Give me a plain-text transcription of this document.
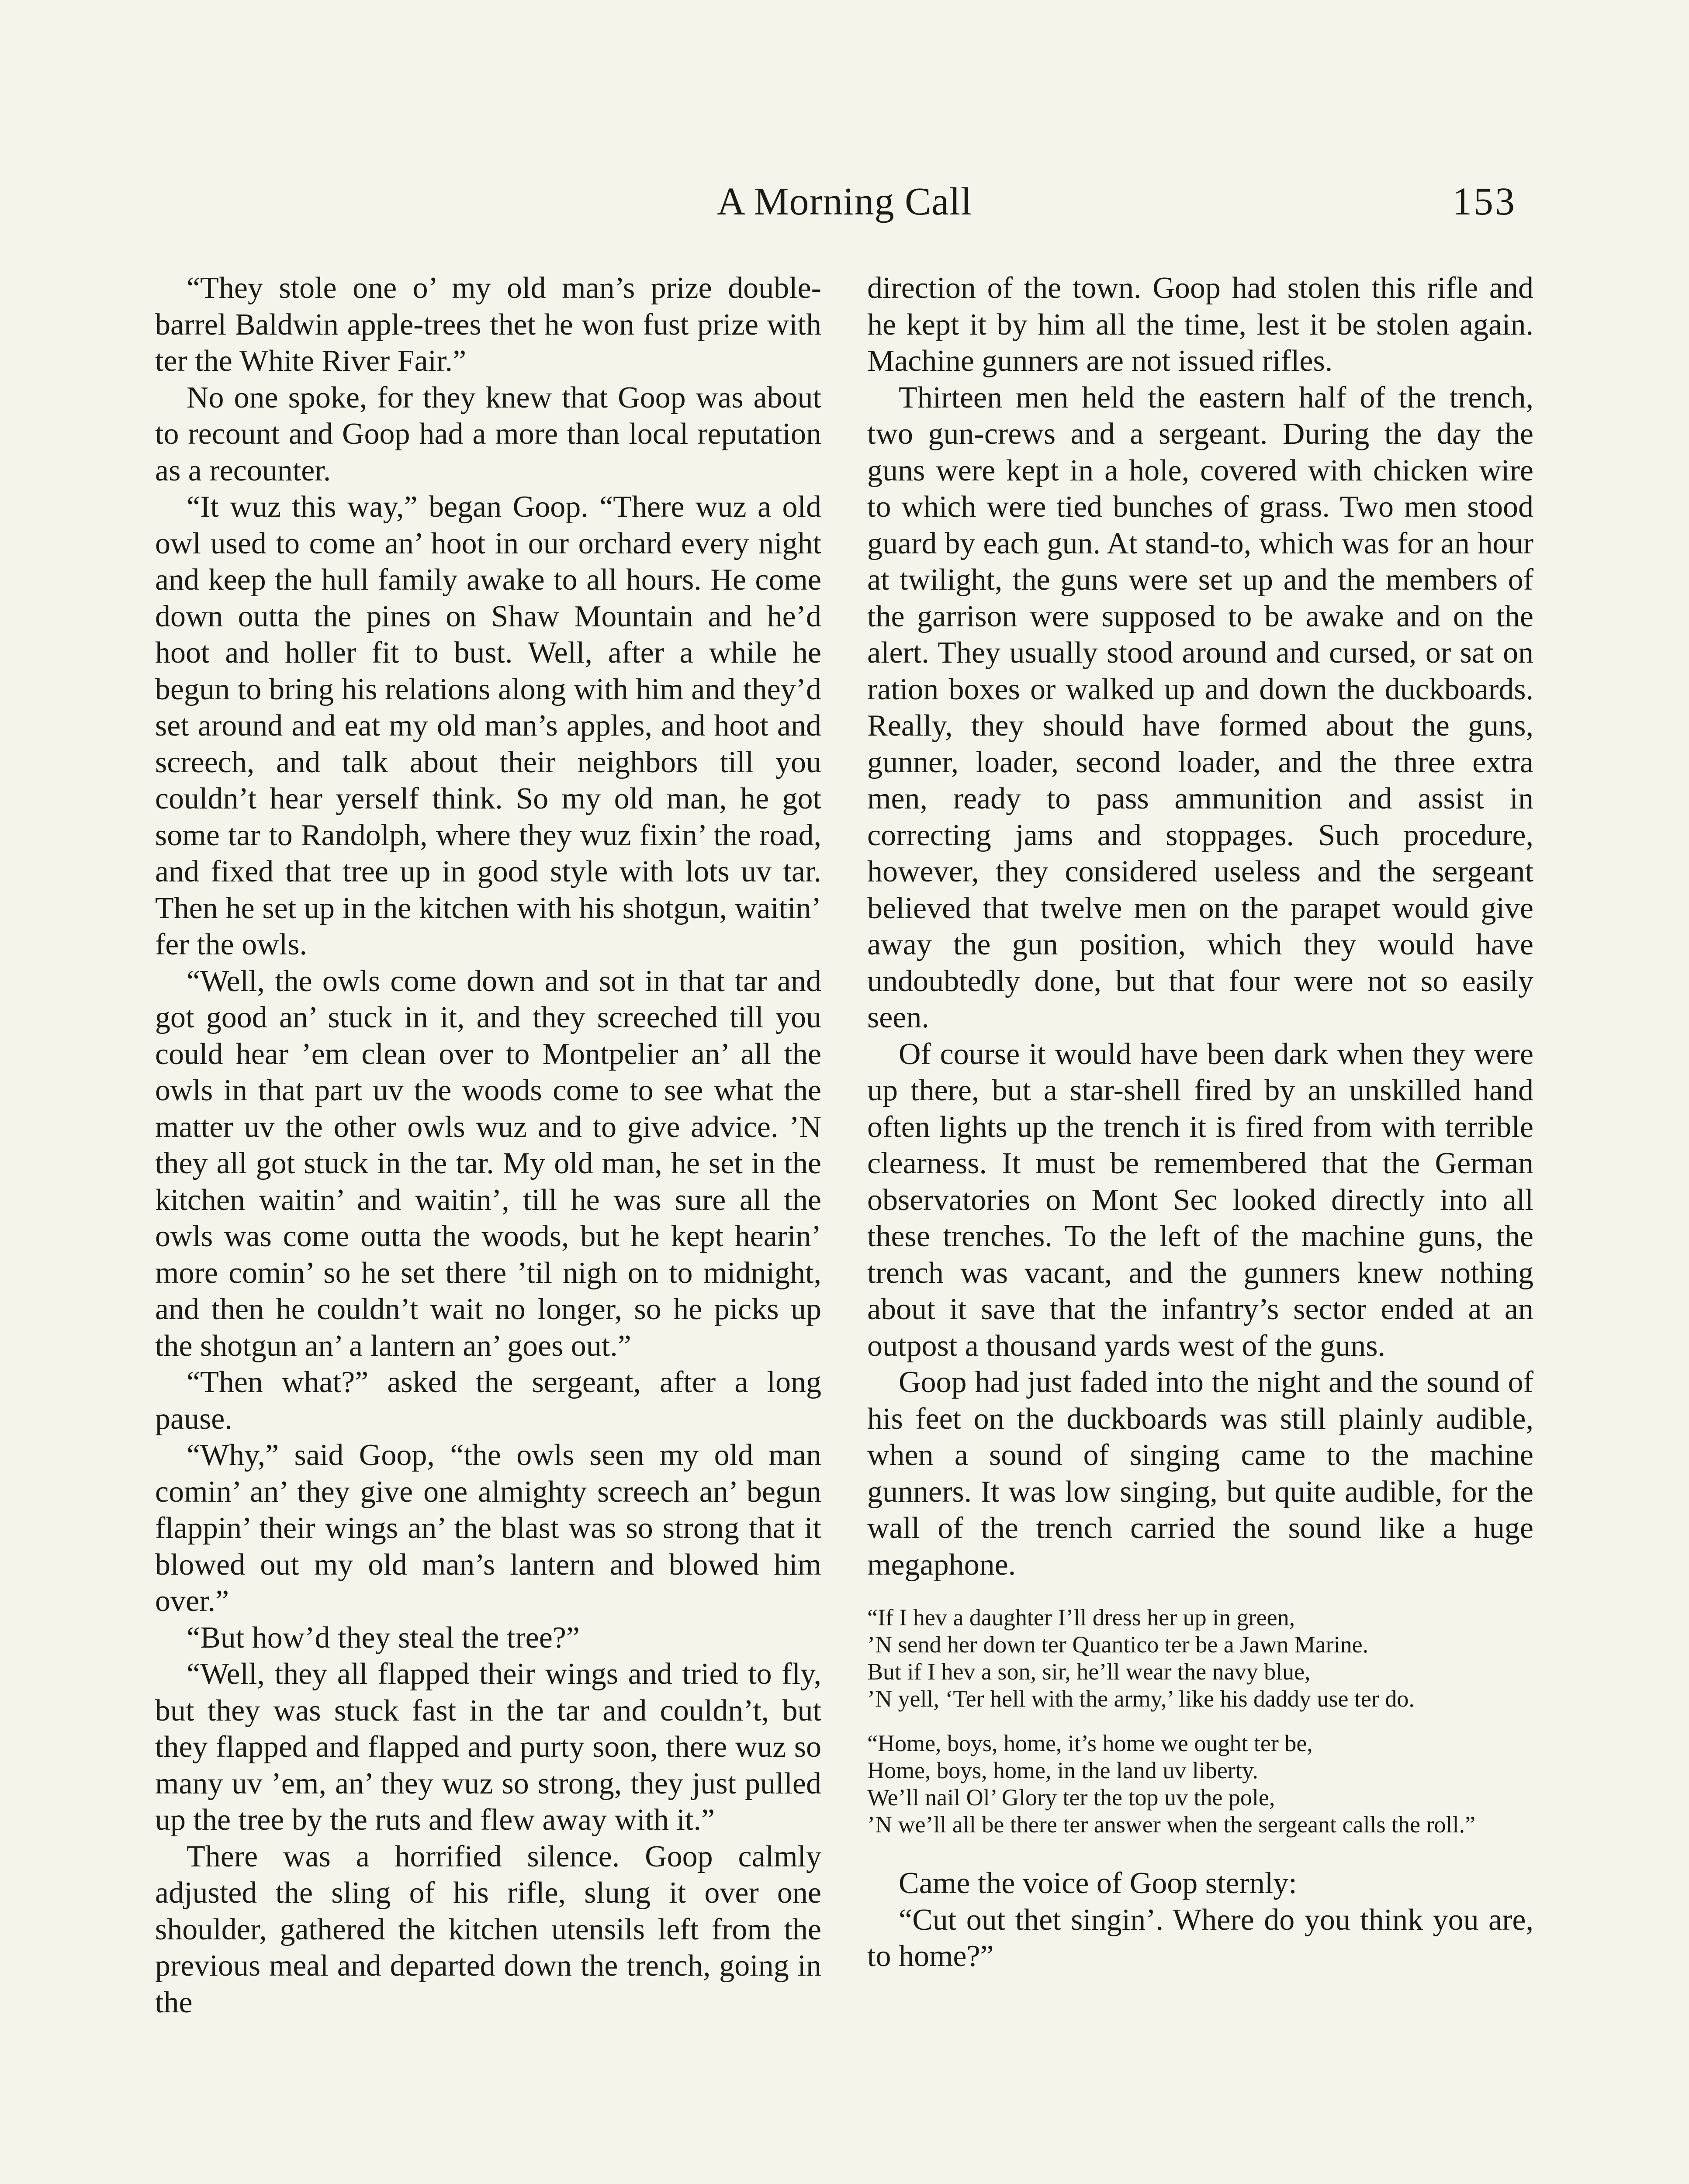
A Morning Call	153

“They stole one o’ my old man’s prize double-barrel Baldwin apple-trees thet he won fust prize with ter the White River Fair.”

No one spoke, for they knew that Goop was about to recount and Goop had a more than local reputation as a recounter.

“It wuz this way,” began Goop. “There wuz a old owl used to come an’ hoot in our orchard every night and keep the hull family awake to all hours. He come down outta the pines on Shaw Mountain and he’d hoot and holler fit to bust. Well, after a while he begun to bring his relations along with him and they’d set around and eat my old man’s apples, and hoot and screech, and talk about their neighbors till you couldn’t hear yerself think. So my old man, he got some tar to Randolph, where they wuz fixin’ the road, and fixed that tree up in good style with lots uv tar. Then he set up in the kitchen with his shotgun, waitin’ fer the owls.

“Well, the owls come down and sot in that tar and got good an’ stuck in it, and they screeched till you could hear ’em clean over to Montpelier an’ all the owls in that part uv the woods come to see what the matter uv the other owls wuz and to give advice. ’N they all got stuck in the tar. My old man, he set in the kitchen waitin’ and waitin’, till he was sure all the owls was come outta the woods, but he kept hearin’ more comin’ so he set there ’til nigh on to midnight, and then he couldn’t wait no longer, so he picks up the shotgun an’ a lantern an’ goes out.”

“Then what?” asked the sergeant, after a long pause.

“Why,” said Goop, “the owls seen my old man comin’ an’ they give one almighty screech an’ begun flappin’ their wings an’ the blast was so strong that it blowed out my old man’s lantern and blowed him over.”

“But how’d they steal the tree?”

“Well, they all flapped their wings and tried to fly, but they was stuck fast in the tar and couldn’t, but they flapped and flapped and purty soon, there wuz so many uv ’em, an’ they wuz so strong, they just pulled up the tree by the ruts and flew away with it.”

There was a horrified silence. Goop calmly adjusted the sling of his rifle, slung it over one shoulder, gathered the kitchen utensils left from the previous meal and departed down the trench, going in the

direction of the town. Goop had stolen this rifle and he kept it by him all the time, lest it be stolen again. Machine gunners are not issued rifles.

Thirteen men held the eastern half of the trench, two gun-crews and a sergeant. During the day the guns were kept in a hole, covered with chicken wire to which were tied bunches of grass. Two men stood guard by each gun. At stand-to, which was for an hour at twilight, the guns were set up and the members of the garrison were supposed to be awake and on the alert. They usually stood around and cursed, or sat on ration boxes or walked up and down the duckboards. Really, they should have formed about the guns, gunner, loader, second loader, and the three extra men, ready to pass ammunition and assist in correcting jams and stoppages. Such procedure, however, they considered useless and the sergeant believed that twelve men on the parapet would give away the gun position, which they would have undoubtedly done, but that four were not so easily seen.

Of course it would have been dark when they were up there, but a star-shell fired by an unskilled hand often lights up the trench it is fired from with terrible clearness. It must be remembered that the German observatories on Mont Sec looked directly into all these trenches. To the left of the machine guns, the trench was vacant, and the gunners knew nothing about it save that the infantry’s sector ended at an outpost a thousand yards west of the guns.

Goop had just faded into the night and the sound of his feet on the duckboards was still plainly audible, when a sound of singing came to the machine gunners. It was low singing, but quite audible, for the wall of the trench carried the sound like a huge megaphone.

“If I hev a daughter I’ll dress her up in green,
’N send her down ter Quantico ter be a Jawn Marine.
But if I hev a son, sir, he’ll wear the navy blue,
’N yell, ‘Ter hell with the army,’ like his daddy use ter do.
“Home, boys, home, it’s home we ought ter be,
Home, boys, home, in the land uv liberty.
We’ll nail Ol’ Glory ter the top uv the pole,
’N we’ll all be there ter answer when the sergeant calls the roll.”

Came the voice of Goop sternly:

“Cut out thet singin’. Where do you think you are, to home?”
